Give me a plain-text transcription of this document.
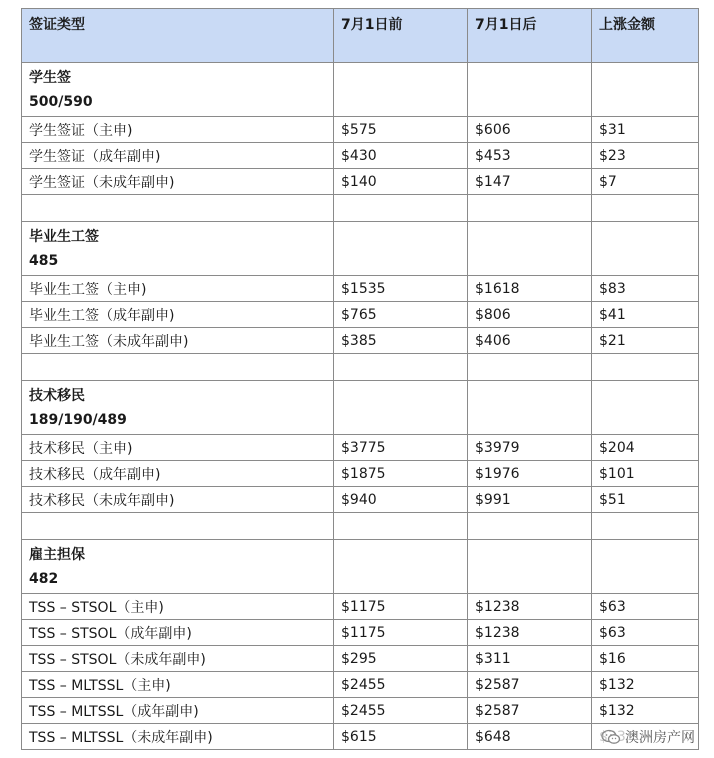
签证类型	7月1日前	7月1日后	上涨金额

学生签
500/590			

学生签证（主申)	$575	$606	$31
学生签证（成年副申)	$430	$453	$23
学生签证（未成年副申)	$140	$147	$7

毕业生工签
485			

毕业生工签（主申)	$1535	$1618	$83
毕业生工签（成年副申)	$765	$806	$41
毕业生工签（未成年副申)	$385	$406	$21

技术移民
189/190/489			

技术移民（主申)	$3775	$3979	$204
技术移民（成年副申)	$1875	$1976	$101
技术移民（未成年副申)	$940	$991	$51

雇主担保
482			

TSS – STSOL（主申)	$1175	$1238	$63
TSS – STSOL（成年副申)	$1175	$1238	$63
TSS – STSOL（未成年副申)	$295	$311	$16
TSS – MLTSSL（主申)	$2455	$2587	$132
TSS – MLTSSL（成年副申)	$2455	$2587	$132
TSS – MLTSSL（未成年副申)	$615	$648		澳洲房产网
